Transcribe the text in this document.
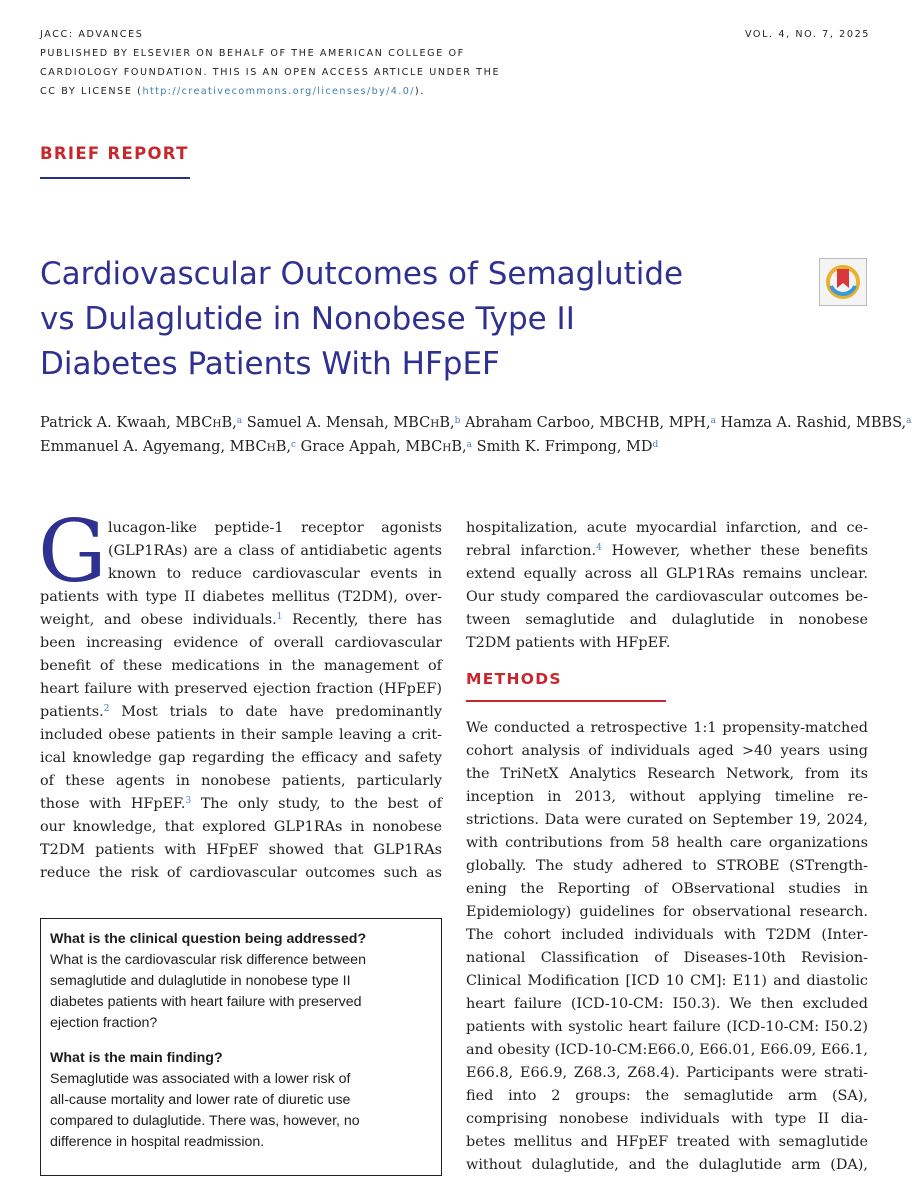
JACC: ADVANCES
PUBLISHED BY ELSEVIER ON BEHALF OF THE AMERICAN COLLEGE OF
CARDIOLOGY FOUNDATION. THIS IS AN OPEN ACCESS ARTICLE UNDER THE
CC BY LICENSE (http://creativecommons.org/licenses/by/4.0/).
VOL. 4, NO. 7, 2025
BRIEF REPORT
Cardiovascular Outcomes of Semaglutide
vs Dulaglutide in Nonobese Type II
Diabetes Patients With HFpEF
Patrick A. Kwaah, MBCHB,$^a$ Samuel A. Mensah, MBCHB,$^b$ Abraham Carboo, MBCHB, MPH,$^a$ Hamza A. Rashid, MBBS,$^a$
Emmanuel A. Agyemang, MBCHB,$^c$ Grace Appah, MBCHB,$^a$ Smith K. Frimpong, $MD^d$
G lucagon-like peptide-1 receptor agonists
(GLP1RAs) are a class of antidiabetic agents
known to reduce cardiovascular events in
patients with type II diabetes mellitus (T2DM), over-
weight, and obese individuals.$^1$ Recently, there has
been increasing evidence of overall cardiovascular
benefit of these medications in the management of
heart failure with preserved ejection fraction (HFpEF)
patients.$^2$ Most trials to date have predominantly
included obese patients in their sample leaving a crit-
ical knowledge gap regarding the efficacy and safety
of these agents in nonobese patients, particularly
those with HFpEF.$^3$ The only study, to the best of
our knowledge, that explored GLP1RAs in nonobese
T2DM patients with HFpEF showed that GLP1RAs
reduce the risk of cardiovascular outcomes such as
What is the clinical question being addressed?
What is the cardiovascular risk difference between
semaglutide and dulaglutide in nonobese type II
diabetes patients with heart failure with preserved
ejection fraction?
What is the main finding?
Semaglutide was associated with a lower risk of
all-cause mortality and lower rate of diuretic use
compared to dulaglutide. There was, however, no
difference in hospital readmission.
hospitalization, acute myocardial infarction, and ce-
rebral infarction.$^4$ However, whether these benefits
extend equally across all GLP1RAs remains unclear.
Our study compared the cardiovascular outcomes be-
tween semaglutide and dulaglutide in nonobese
T2DM patients with HFpEF.
METHODS
We conducted a retrospective 1:1 propensity-matched
cohort analysis of individuals aged >40 years using
the TriNetX Analytics Research Network, from its
inception in 2013, without applying timeline re-
strictions. Data were curated on September 19, 2024,
with contributions from 58 health care organizations
globally. The study adhered to STROBE (STrength-
ening the Reporting of OBservational studies in
Epidemiology) guidelines for observational research.
The cohort included individuals with T2DM (Inter-
national Classification of Diseases-10th Revision-
Clinical Modification [ICD 10 CM]: E11) and diastolic
heart failure (ICD-10-CM: I50.3). We then excluded
patients with systolic heart failure (ICD-10-CM: I50.2)
and obesity (ICD-10-CM:E66.0, E66.01, E66.09, E66.1,
E66.8, E66.9, Z68.3, Z68.4). Participants were strati-
fied into 2 groups: the semaglutide arm (SA),
comprising nonobese individuals with type II dia-
betes mellitus and HFpEF treated with semaglutide
without dulaglutide, and the dulaglutide arm (DA),
